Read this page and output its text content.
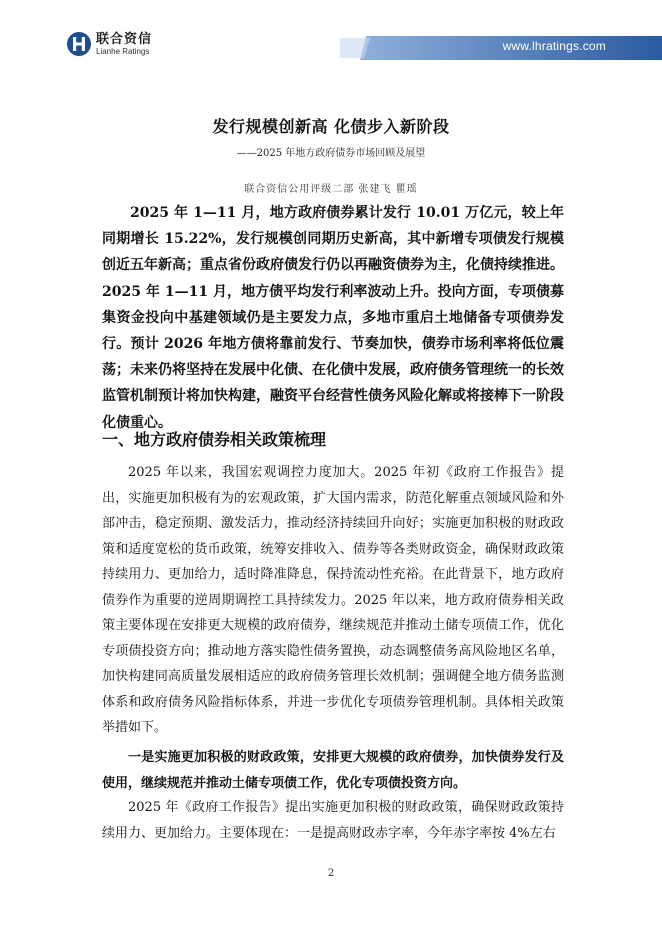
联合资信
Lianhe Ratings	www.lhratings.com
发行规模创新高 化债步入新阶段
——2025 年地方政府债券市场回顾及展望
联合资信公用评级二部 张建飞 瞿瑶

2025 年 1—11 月，地方政府债券累计发行 10.01 万亿元，较上年同期增长 15.22%，发行规模创同期历史新高，其中新增专项债发行规模创近五年新高；重点省份政府债发行仍以再融资债券为主，化债持续推进。2025 年 1—11 月，地方债平均发行利率波动上升。投向方面，专项债募集资金投向中基建领域仍是主要发力点，多地市重启土地储备专项债券发行。预计 2026 年地方债将靠前发行、节奏加快，债券市场利率将低位震荡；未来仍将坚持在发展中化债、在化债中发展，政府债务管理统一的长效监管机制预计将加快构建，融资平台经营性债务风险化解或将接棒下一阶段化债重心。

一、地方政府债券相关政策梳理

2025 年以来，我国宏观调控力度加大。2025 年初《政府工作报告》提出，实施更加积极有为的宏观政策，扩大国内需求，防范化解重点领域风险和外部冲击，稳定预期、激发活力，推动经济持续回升向好；实施更加积极的财政政策和适度宽松的货币政策，统筹安排收入、债券等各类财政资金，确保财政政策持续用力、更加给力，适时降准降息，保持流动性充裕。在此背景下，地方政府债券作为重要的逆周期调控工具持续发力。2025 年以来，地方政府债券相关政策主要体现在安排更大规模的政府债券，继续规范并推动土储专项债工作，优化专项债投资方向；推动地方落实隐性债务置换，动态调整债务高风险地区名单，加快构建同高质量发展相适应的政府债务管理长效机制；强调健全地方债务监测体系和政府债务风险指标体系，并进一步优化专项债券管理机制。具体相关政策举措如下。

一是实施更加积极的财政政策，安排更大规模的政府债券，加快债券发行及使用，继续规范并推动土储专项债工作，优化专项债投资方向。

2025 年《政府工作报告》提出实施更加积极的财政政策，确保财政政策持续用力、更加给力。主要体现在：一是提高财政赤字率，今年赤字率按 4%左右

2
